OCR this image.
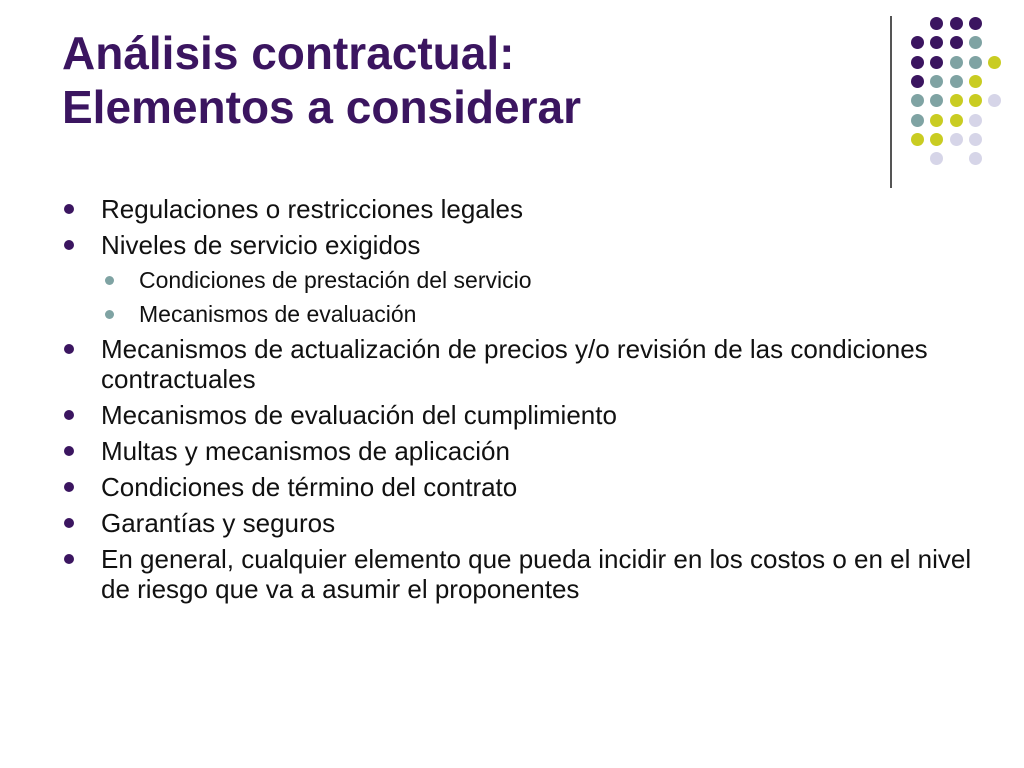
Análisis contractual:
Elementos a considerar
Regulaciones o restricciones legales
Niveles de servicio exigidos
Condiciones de prestación del servicio
Mecanismos de evaluación
Mecanismos de actualización de precios y/o revisión de las condiciones contractuales
Mecanismos de evaluación del cumplimiento
Multas y mecanismos de aplicación
Condiciones de término del contrato
Garantías y seguros
En general, cualquier elemento que pueda incidir en los costos o en el nivel de riesgo que va a asumir el proponentes
